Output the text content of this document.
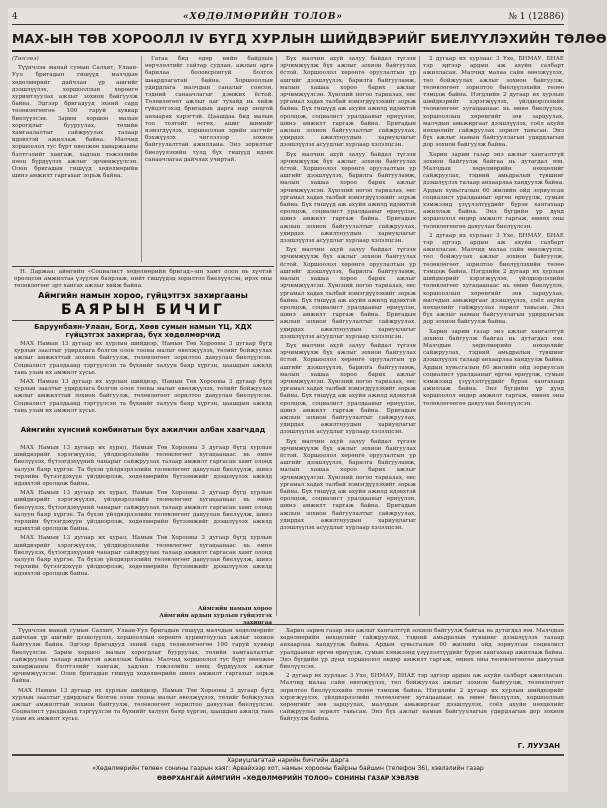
4	«ХӨДӨЛМӨРИЙН ТОЛОВ»	№ 1 (12886)
МАХ-ЫН ТӨВ ХОРООЛЛ IV БҮГД ХУРЛЫН ШИЙДВЭРИЙГ БИЕЛҮҮЛЭХИЙН ТӨЛӨӨ
(Төгсгөл)

Түүнчлэн манай сумын Салхит, Улаан-Уул бригадын гишүүд малчдын хөдөлмөрийг дайчлан үр ашгийг дээшлүүлэх, хоршооллын хөрөнгө хуримтлуулах ажлыг зохион байгуулж байна. Эдгээр бригадууд эхний сард төлөвлөгөөгөө 100 гаруй хувиар биелүүлсэн. Зарим хоршоо малын хорогдлыг бууруулах, төлийн хамгаалалтыг сайжруулах талаар идэвхтэй ажиллаж байна. Малчид хоршоолол тус бүрт өвөлжөө хаваржааны бэлтгэлийг хангаж, хадлан тэжээлийн нөөц бүрдүүлэх ажлыг эрчимжүүлсэн. Олон бригадын гишүүд хөдөлмөрийн шинэ амжилт гаргахыг зорьж байна.

Гатаа бид өдөр нийн байдлын өөрчлөлтийг сайтар судлан, ажлын арга барилаа боловсронгуй болгох шаардлагатай байна. Хоршооллын удирдлага малчдын саналыг сонсон, тэдний санаачлагыг дэмжих ёстой. Төлөвлөгөөт ажлыг цаг тухайд нь хийж гүйцэтгэхэд бригадын дарга нар онцгой анхаарах хэрэгтэй. Цаашдаа бид малын тоо толгойг өсгөх, ашиг шимийг нэмэгдүүлэх, хоршооллын эдийн засгийг бэхжүүлэх чиглэлээр зохион байгуулалттай ажиллана. Энэ зорилтыг биелүүлэхийн тулд бүх гишүүд идэвх санаачлагаа дайчлах учиртай.

Бүх малчин ахуй залуу байдал түгээн эрчимжүүлж бүх ажлыг зохион байгуулах ёстой. Хоршоолол хөрөнгө оруулалтын үр ашгийг дээшлүүлэх, барилга байгууламж, малын хашаа хороо барих ажлыг эрчимжүүлсэн. Хүнсний ногоо тариалах, өвс ургамал хадах талбай нэмэгдүүлэхийг зорьж байна. Бүх гишүүд аж ахуйн ажилд идэвхтэй оролцож, социалист уралдааныг өрнүүлэн, шинэ амжилт гаргаж байна. Бригадын ажлын зохион байгуулалтыг сайжруулах, удирдах ажилтнуудын хариуцлагыг дээшлүүлэх асуудлыг хурлаар хэлэлцсэн.

Бүх малчин ахуй залуу байдал түгээн эрчимжүүлж бүх ажлыг зохион байгуулах ёстой. Хоршоолол хөрөнгө оруулалтын үр ашгийг дээшлүүлэх, барилга байгууламж, малын хашаа хороо барих ажлыг эрчимжүүлсэн. Хүнсний ногоо тариалах, өвс ургамал хадах талбай нэмэгдүүлэхийг зорьж байна. Бүх гишүүд аж ахуйн ажилд идэвхтэй оролцож, социалист уралдааныг өрнүүлэн, шинэ амжилт гаргаж байна. Бригадын ажлын зохион байгуулалтыг сайжруулах, удирдах ажилтнуудын хариуцлагыг дээшлүүлэх асуудлыг хурлаар хэлэлцсэн.

Бүх малчин ахуй залуу байдал түгээн эрчимжүүлж бүх ажлыг зохион байгуулах ёстой. Хоршоолол хөрөнгө оруулалтын үр ашгийг дээшлүүлэх, барилга байгууламж, малын хашаа хороо барих ажлыг эрчимжүүлсэн. Хүнсний ногоо тариалах, өвс ургамал хадах талбай нэмэгдүүлэхийг зорьж байна. Бүх гишүүд аж ахуйн ажилд идэвхтэй оролцож, социалист уралдааныг өрнүүлэн, шинэ амжилт гаргаж байна. Бригадын ажлын зохион байгуулалтыг сайжруулах, удирдах ажилтнуудын хариуцлагыг дээшлүүлэх асуудлыг хурлаар хэлэлцсэн.

Бүх малчин ахуй залуу байдал түгээн эрчимжүүлж бүх ажлыг зохион байгуулах ёстой. Хоршоолол хөрөнгө оруулалтын үр ашгийг дээшлүүлэх, барилга байгууламж, малын хашаа хороо барих ажлыг эрчимжүүлсэн. Хүнсний ногоо тариалах, өвс ургамал хадах талбай нэмэгдүүлэхийг зорьж байна. Бүх гишүүд аж ахуйн ажилд идэвхтэй оролцож, социалист уралдааныг өрнүүлэн, шинэ амжилт гаргаж байна. Бригадын ажлын зохион байгуулалтыг сайжруулах, удирдах ажилтнуудын хариуцлагыг дээшлүүлэх асуудлыг хурлаар хэлэлцсэн.

Бүх малчин ахуй залуу байдал түгээн эрчимжүүлж бүх ажлыг зохион байгуулах ёстой. Хоршоолол хөрөнгө оруулалтын үр ашгийг дээшлүүлэх, барилга байгууламж, малын хашаа хороо барих ажлыг эрчимжүүлсэн. Хүнсний ногоо тариалах, өвс ургамал хадах талбай нэмэгдүүлэхийг зорьж байна. Бүх гишүүд аж ахуйн ажилд идэвхтэй оролцож, социалист уралдааныг өрнүүлэн, шинэ амжилт гаргаж байна. Бригадын ажлын зохион байгуулалтыг сайжруулах, удирдах ажилтнуудын хариуцлагыг дээшлүүлэх асуудлыг хурлаар хэлэлцсэн.

2 дугаар их хурлаас 3 Ухе, БНМАУ, БНАЕ тэр эдгээр ардын аж ахуйн салбарт ажилласан. Малчид малаа сайн өвөлжүүлэх, төл бойжуулах ажлыг зохион байгуулж, төлөвлөгөөт зорилтоо биелүүлэхийн төлөө тэмцэж байна. Нэгдлийн 2 дугаар их хурлын шийдвэрийг хэрэгжүүлэх, үйлдвэрлэлийн төлөвлөгөөг хугацаанаас нь өмнө биелүүлэх, хоршооллын хөрөнгийг зөв зарцуулах, малчдын амьжиргааг дээшлүүлэх, соёл ахуйн нөхцөлийг сайжруулах зорилт тавьсан. Энэ бүх ажлыг намын байгууллагын удирдлагын дор зохион байгуулж байна.

Харин зарим газар энэ ажлыг хангалтгүй зохион байгуулж байгаа нь дутагдал юм. Малчдын хөдөлмөрийн нөхцөлийг сайжруулах, тэдний амьдралын түвшинг дээшлүүлэх талаар анхаарлаа хандуулж байна. Ардын хувьсгалын 60 жилийн ойд зориулсан социалист уралдааныг өргөн өрнүүлж, сумын хэмжээнд үзүүлэлтүүдийг бүрэн хангахаар ажиллаж байна. Энэ бүгдийн үр дүнд хоршоолол өндөр амжилт гаргаж, өмнөх оны төлөвлөгөөгөө давуулан биелүүлсэн.

2 дугаар их хурлаас 3 Ухе, БНМАУ, БНАЕ тэр эдгээр ардын аж ахуйн салбарт ажилласан. Малчид малаа сайн өвөлжүүлэх, төл бойжуулах ажлыг зохион байгуулж, төлөвлөгөөт зорилтоо биелүүлэхийн төлөө тэмцэж байна. Нэгдлийн 2 дугаар их хурлын шийдвэрийг хэрэгжүүлэх, үйлдвэрлэлийн төлөвлөгөөг хугацаанаас нь өмнө биелүүлэх, хоршооллын хөрөнгийг зөв зарцуулах, малчдын амьжиргааг дээшлүүлэх, соёл ахуйн нөхцөлийг сайжруулах зорилт тавьсан. Энэ бүх ажлыг намын байгууллагын удирдлагын дор зохион байгуулж байна.

Харин зарим газар энэ ажлыг хангалтгүй зохион байгуулж байгаа нь дутагдал юм. Малчдын хөдөлмөрийн нөхцөлийг сайжруулах, тэдний амьдралын түвшинг дээшлүүлэх талаар анхаарлаа хандуулж байна. Ардын хувьсгалын 60 жилийн ойд зориулсан социалист уралдааныг өргөн өрнүүлж, сумын хэмжээнд үзүүлэлтүүдийг бүрэн хангахаар ажиллаж байна. Энэ бүгдийн үр дүнд хоршоолол өндөр амжилт гаргаж, өмнөх оны төлөвлөгөөгөө давуулан биелүүлсэн.

Н. Даржаа: аймгийн «Социалист хөдөлмөрийн бригад»-ын хамт олон нь хүчтэй оролцсон амжилтаа үзүүлэн баярлаж, нийт гишүүдэд зорилтоо биелүүлсэн, ирэх оны төлөвлөгөөг эрт хангах ажлыг хийж байна.

Аймгийн намын хороо, гүйцэтгэх захиргааны
БАЯРЫН БИЧИГ
Баруунбаян-Улаан, Богд, Хөөв сумын намын ҮЦ, ХДХ гүйцэтгэх захиргаа, бүх хөдөлмөрчид

МАХ Намын 13 дугаар их хурлын шийдвэр, Намын Төв Хорооны 3 дугаар бүгд хурлын заалтыг удирдлага болгон олон тооны малыг өвөлжүүлэх, төлийг бойжуулах ажлыг амжилттай зохион байгуулж, төлөвлөгөөт зорилтоо давуулан биелүүлсэн. Социалист уралдаанд тэргүүлсэн та бүхнийг халуун баяр хүргэн, цаашдын ажилд тань улам их амжилт хүсье.

МАХ Намын 13 дугаар их хурлын шийдвэр, Намын Төв Хорооны 3 дугаар бүгд хурлын заалтыг удирдлага болгон олон тооны малыг өвөлжүүлэх, төлийг бойжуулах ажлыг амжилттай зохион байгуулж, төлөвлөгөөт зорилтоо давуулан биелүүлсэн. Социалист уралдаанд тэргүүлсэн та бүхнийг халуун баяр хүргэн, цаашдын ажилд тань улам их амжилт хүсье.

Аймгийн хүнсний комбинатын бүх ажилчин албан хаагчдад

МАХ Намын 13 дугаар их хурал, Намын Төв Хорооны 3 дугаар бүгд хурлын шийдвэрийг хэрэгжүүлэх, үйлдвэрлэлийн төлөвлөгөөг хугацаанаас нь өмнө биелүүлэх, бүтээгдэхүүний чанарыг сайжруулах талаар амжилт гаргасан хамт олонд халуун баяр хүргэе. Та бүхэн үйлдвэрлэлийн төлөвлөгөөг давуулан биелүүлж, шинэ төрлийн бүтээгдэхүүн үйлдвэрлэж, хөдөлмөрийн бүтээмжийг дээшлүүлэх ажилд идэвхтэй оролцож байна.

МАХ Намын 13 дугаар их хурал, Намын Төв Хорооны 3 дугаар бүгд хурлын шийдвэрийг хэрэгжүүлэх, үйлдвэрлэлийн төлөвлөгөөг хугацаанаас нь өмнө биелүүлэх, бүтээгдэхүүний чанарыг сайжруулах талаар амжилт гаргасан хамт олонд халуун баяр хүргэе. Та бүхэн үйлдвэрлэлийн төлөвлөгөөг давуулан биелүүлж, шинэ төрлийн бүтээгдэхүүн үйлдвэрлэж, хөдөлмөрийн бүтээмжийг дээшлүүлэх ажилд идэвхтэй оролцож байна.

МАХ Намын 13 дугаар их хурал, Намын Төв Хорооны 3 дугаар бүгд хурлын шийдвэрийг хэрэгжүүлэх, үйлдвэрлэлийн төлөвлөгөөг хугацаанаас нь өмнө биелүүлэх, бүтээгдэхүүний чанарыг сайжруулах талаар амжилт гаргасан хамт олонд халуун баяр хүргэе. Та бүхэн үйлдвэрлэлийн төлөвлөгөөг давуулан биелүүлж, шинэ төрлийн бүтээгдэхүүн үйлдвэрлэж, хөдөлмөрийн бүтээмжийг дээшлүүлэх ажилд идэвхтэй оролцож байна.

Аймгийн намын хороо
Аймгийн ардын хурлын гүйцэтгэх

Харин зарим газар энэ ажлыг хангалтгүй зохион байгуулж байгаа нь дутагдал юм. Малчдын хөдөлмөрийн нөхцөлийг сайжруулах, тэдний амьдралын түвшинг дээшлүүлэх талаар анхаарлаа хандуулж байна. Ардын хувьсгалын 60 жилийн ойд зориулсан социалист уралдааныг өргөн өрнүүлж, сумын хэмжээнд үзүүлэлтүүдийг бүрэн хангахаар ажиллаж байна. Энэ бүгдийн үр дүнд хоршоолол өндөр амжилт гаргаж, өмнөх оны төлөвлөгөөгөө давуулан биелүүлсэн.

2 дугаар их хурлаас 3 Ухе, БНМАУ, БНАЕ тэр эдгээр ардын аж ахуйн салбарт ажилласан. Малчид малаа сайн өвөлжүүлэх, төл бойжуулах ажлыг зохион байгуулж, төлөвлөгөөт зорилтоо биелүүлэхийн төлөө тэмцэж байна. Нэгдлийн 2 дугаар их хурлын шийдвэрийг хэрэгжүүлэх, үйлдвэрлэлийн төлөвлөгөөг хугацаанаас нь өмнө биелүүлэх, хоршооллын хөрөнгийг зөв зарцуулах, малчдын амьжиргааг дээшлүүлэх, соёл ахуйн нөхцөлийг сайжруулах зорилт тавьсан. Энэ бүх ажлыг намын байгууллагын удирдлагын дор зохион байгуулж байна.

Түүнчлэн манай сумын Салхит, Улаан-Уул бригадын гишүүд малчдын хөдөлмөрийг дайчлан үр ашгийг дээшлүүлэх, хоршооллын хөрөнгө хуримтлуулах ажлыг зохион байгуулж байна. Эдгээр бригадууд эхний сард төлөвлөгөөгөө 100 гаруй хувиар биелүүлсэн. Зарим хоршоо малын хорогдлыг бууруулах, төлийн хамгаалалтыг сайжруулах талаар идэвхтэй ажиллаж байна. Малчид хоршоолол тус бүрт өвөлжөө хаваржааны бэлтгэлийг хангаж, хадлан тэжээлийн нөөц бүрдүүлэх ажлыг эрчимжүүлсэн. Олон бригадын гишүүд хөдөлмөрийн шинэ амжилт гаргахыг зорьж байна.

МАХ Намын 13 дугаар их хурлын шийдвэр, Намын Төв Хорооны 3 дугаар бүгд хурлын заалтыг удирдлага болгон олон тооны малыг өвөлжүүлэх, төлийг бойжуулах ажлыг амжилттай зохион байгуулж, төлөвлөгөөт зорилтоо давуулан биелүүлсэн. Социалист уралдаанд тэргүүлсэн та бүхнийг халуун баяр хүргэн, цаашдын ажилд тань улам их амжилт хүсье.

Г. ЛУУЗАН
Хариуцлагатай нарийн бичгийн дарга
«Хөдөлмөрийн төлөө» сонины газрын хаяг: Арвайхээр хот, намын хорооны байрны байшин (телефон 36), хэвлэлийн газар
ӨВӨРХАНГАЙ АЙМГИЙН «ХӨДӨЛМӨРИЙН ТОЛОО» СОНИНЫ ГАЗАР ХЭВЛЭВ
